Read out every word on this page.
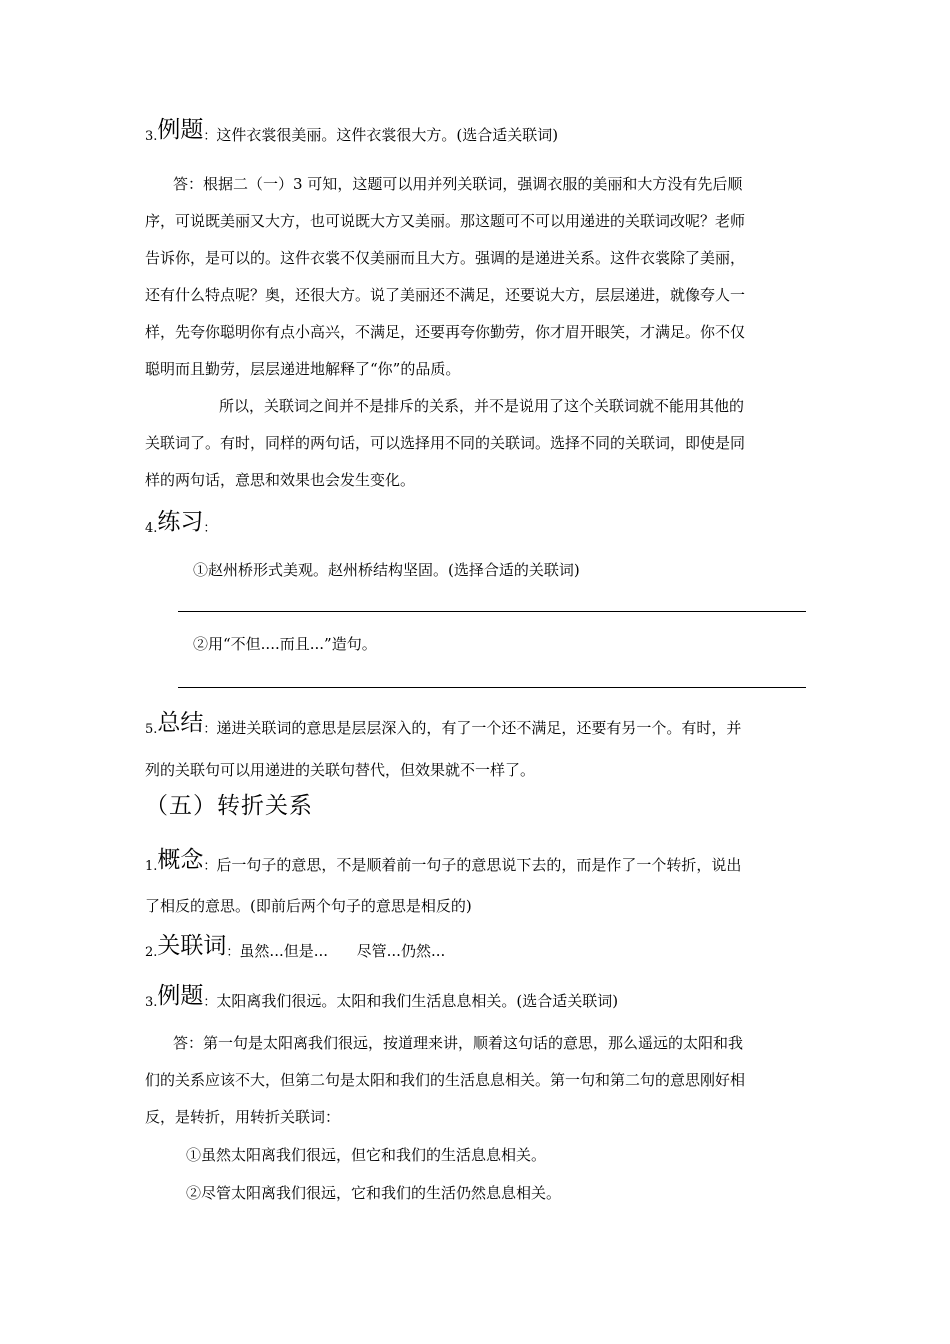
3.例题：这件衣裳很美丽。这件衣裳很大方。(选合适关联词)
答：根据二（一）3 可知，这题可以用并列关联词，强调衣服的美丽和大方没有先后顺
序，可说既美丽又大方，也可说既大方又美丽。那这题可不可以用递进的关联词改呢？老师
告诉你，是可以的。这件衣裳不仅美丽而且大方。强调的是递进关系。这件衣裳除了美丽，
还有什么特点呢？奥，还很大方。说了美丽还不满足，还要说大方，层层递进，就像夸人一
样，先夸你聪明你有点小高兴，不满足，还要再夸你勤劳，你才眉开眼笑，才满足。你不仅
聪明而且勤劳，层层递进地解释了“你”的品质。
所以，关联词之间并不是排斥的关系，并不是说用了这个关联词就不能用其他的
关联词了。有时，同样的两句话，可以选择用不同的关联词。选择不同的关联词，即使是同
样的两句话，意思和效果也会发生变化。
4.练习：
①赵州桥形式美观。赵州桥结构坚固。(选择合适的关联词)
②用“不但....而且...”造句。
5.总结：递进关联词的意思是层层深入的，有了一个还不满足，还要有另一个。有时，并
列的关联句可以用递进的关联句替代，但效果就不一样了。
（五）转折关系
1.概念：后一句子的意思，不是顺着前一句子的意思说下去的，而是作了一个转折，说出
了相反的意思。(即前后两个句子的意思是相反的)
2.关联词：虽然...但是...      尽管...仍然...
3.例题：太阳离我们很远。太阳和我们生活息息相关。(选合适关联词)
答：第一句是太阳离我们很远，按道理来讲，顺着这句话的意思，那么遥远的太阳和我
们的关系应该不大，但第二句是太阳和我们的生活息息相关。第一句和第二句的意思刚好相
反，是转折，用转折关联词：
①虽然太阳离我们很远，但它和我们的生活息息相关。
②尽管太阳离我们很远，它和我们的生活仍然息息相关。
